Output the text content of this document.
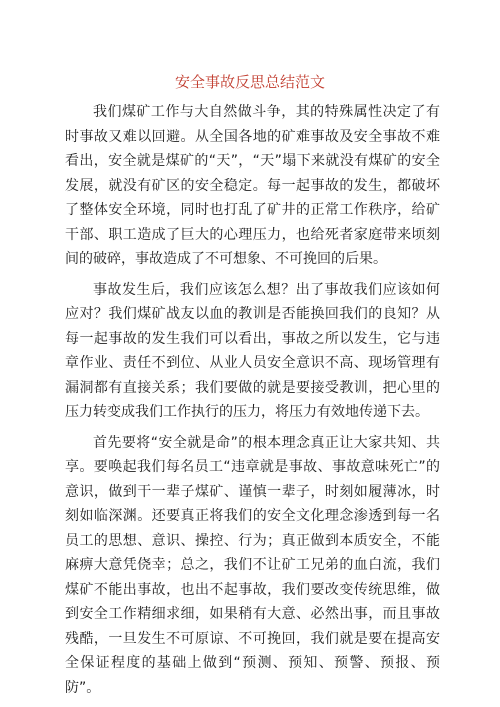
安全事故反思总结范文

我们煤矿工作与大自然做斗争，其的特殊属性决定了有时事故又难以回避。从全国各地的矿难事故及安全事故不难看出，安全就是煤矿的“天”，“天”塌下来就没有煤矿的安全发展，就没有矿区的安全稳定。每一起事故的发生，都破坏了整体安全环境，同时也打乱了矿井的正常工作秩序，给矿干部、职工造成了巨大的心理压力，也给死者家庭带来顷刻间的破碎，事故造成了不可想象、不可挽回的后果。

事故发生后，我们应该怎么想？出了事故我们应该如何应对？我们煤矿战友以血的教训是否能换回我们的良知？从每一起事故的发生我们可以看出，事故之所以发生，它与违章作业、责任不到位、从业人员安全意识不高、现场管理有漏洞都有直接关系；我们要做的就是要接受教训，把心里的压力转变成我们工作执行的压力，将压力有效地传递下去。

首先要将“安全就是命”的根本理念真正让大家共知、共享。要唤起我们每名员工“违章就是事故、事故意味死亡”的意识，做到干一辈子煤矿、谨慎一辈子，时刻如履薄冰，时刻如临深渊。还要真正将我们的安全文化理念渗透到每一名员工的思想、意识、操控、行为；真正做到本质安全，不能麻痹大意凭侥幸；总之，我们不让矿工兄弟的血白流，我们煤矿不能出事故，也出不起事故，我们要改变传统思维，做到安全工作精细求细，如果稍有大意、必然出事，而且事故残酷，一旦发生不可原谅、不可挽回，我们就是要在提高安全保证程度的基础上做到“预测、预知、预警、预报、预防”。
